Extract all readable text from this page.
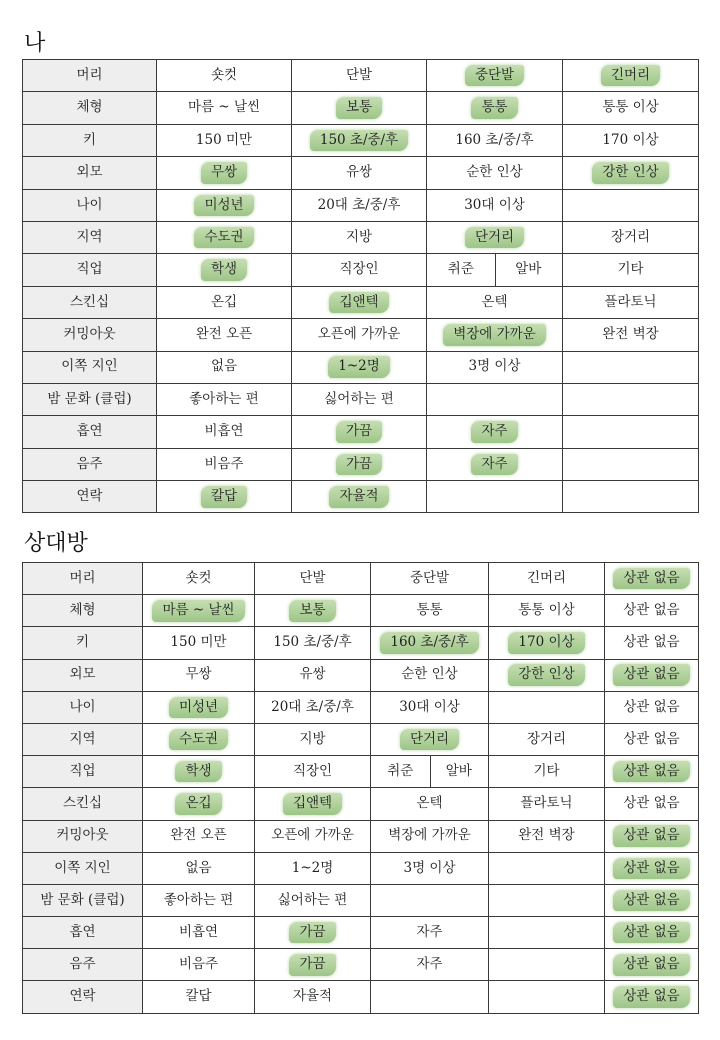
나
머리	숏컷	단발	중단발	긴머리
체형	마름 ~ 날씬	보통	통통	통통 이상
키	150 미만	150 초/중/후	160 초/중/후	170 이상
외모	무쌍	유쌍	순한 인상	강한 인상
나이	미성년	20대 초/중/후	30대 이상	
지역	수도권	지방	단거리	장거리
직업	학생	직장인	취준 알바	기타
스킨십	온깁	깁앤텍	온텍	플라토닉
커밍아웃	완전 오픈	오픈에 가까운	벽장에 가까운	완전 벽장
이쪽 지인	없음	1~2명	3명 이상	
밤 문화 (클럽)	좋아하는 편	싫어하는 편		
흡연	비흡연	가끔	자주	
음주	비음주	가끔	자주	
연락	칼답	자율적		
상대방
머리	숏컷	단발	중단발	긴머리	상관 없음
체형	마름 ~ 날씬	보통	통통	통통 이상	상관 없음
키	150 미만	150 초/중/후	160 초/중/후	170 이상	상관 없음
외모	무쌍	유쌍	순한 인상	강한 인상	상관 없음
나이	미성년	20대 초/중/후	30대 이상		상관 없음
지역	수도권	지방	단거리	장거리	상관 없음
직업	학생	직장인	취준 알바	기타	상관 없음
스킨십	온깁	깁앤텍	온텍	플라토닉	상관 없음
커밍아웃	완전 오픈	오픈에 가까운	벽장에 가까운	완전 벽장	상관 없음
이쪽 지인	없음	1~2명	3명 이상		상관 없음
밤 문화 (클럽)	좋아하는 편	싫어하는 편			상관 없음
흡연	비흡연	가끔	자주		상관 없음
음주	비음주	가끔	자주		상관 없음
연락	칼답	자율적			상관 없음
